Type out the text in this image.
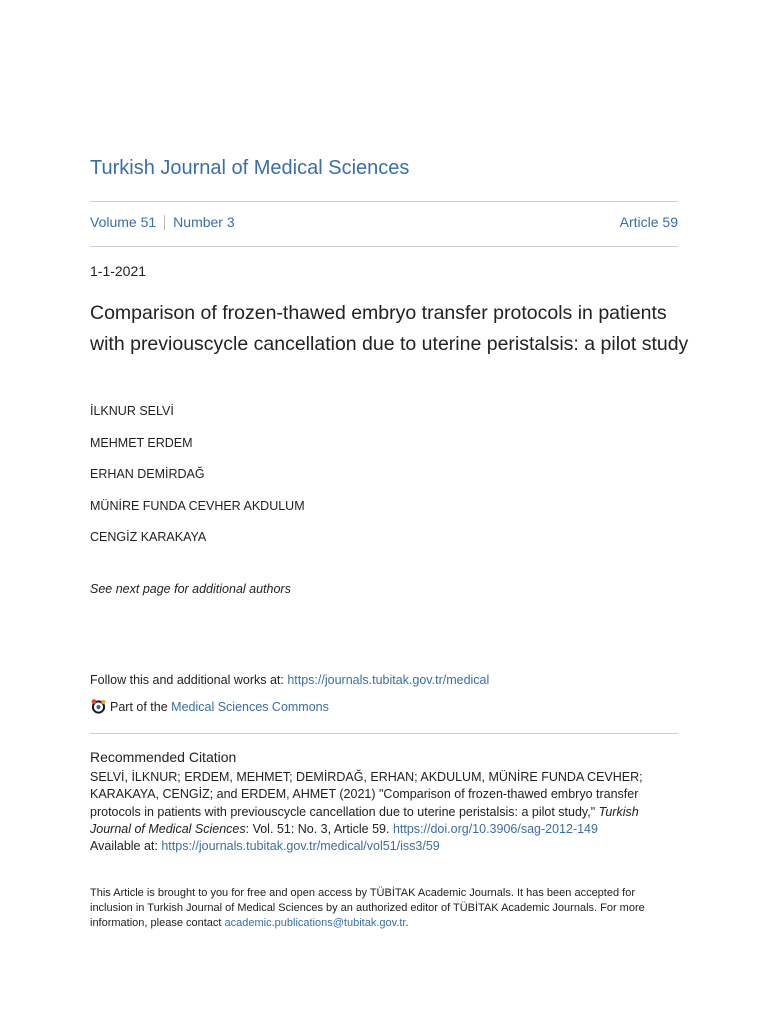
Turkish Journal of Medical Sciences
Volume 51 Number 3	Article 59
1-1-2021
Comparison of frozen-thawed embryo transfer protocols in patients with previouscycle cancellation due to uterine peristalsis: a pilot study
İLKNUR SELVİ
MEHMET ERDEM
ERHAN DEMİRDAĞ
MÜNİRE FUNDA CEVHER AKDULUM
CENGİZ KARAKAYA
See next page for additional authors
Follow this and additional works at: https://journals.tubitak.gov.tr/medical
Part of the
Medical Sciences Commons
Recommended Citation
SELVİ, İLKNUR; ERDEM, MEHMET; DEMİRDAĞ, ERHAN; AKDULUM, MÜNİRE FUNDA CEVHER; KARAKAYA, CENGİZ; and ERDEM, AHMET (2021) "Comparison of frozen-thawed embryo transfer protocols in patients with previouscycle cancellation due to uterine peristalsis: a pilot study," Turkish Journal of Medical Sciences: Vol. 51: No. 3, Article 59. https://doi.org/10.3906/sag-2012-149
Available at: https://journals.tubitak.gov.tr/medical/vol51/iss3/59
This Article is brought to you for free and open access by TÜBİTAK Academic Journals. It has been accepted for inclusion in Turkish Journal of Medical Sciences by an authorized editor of TÜBİTAK Academic Journals. For more information, please contact academic.publications@tubitak.gov.tr.
